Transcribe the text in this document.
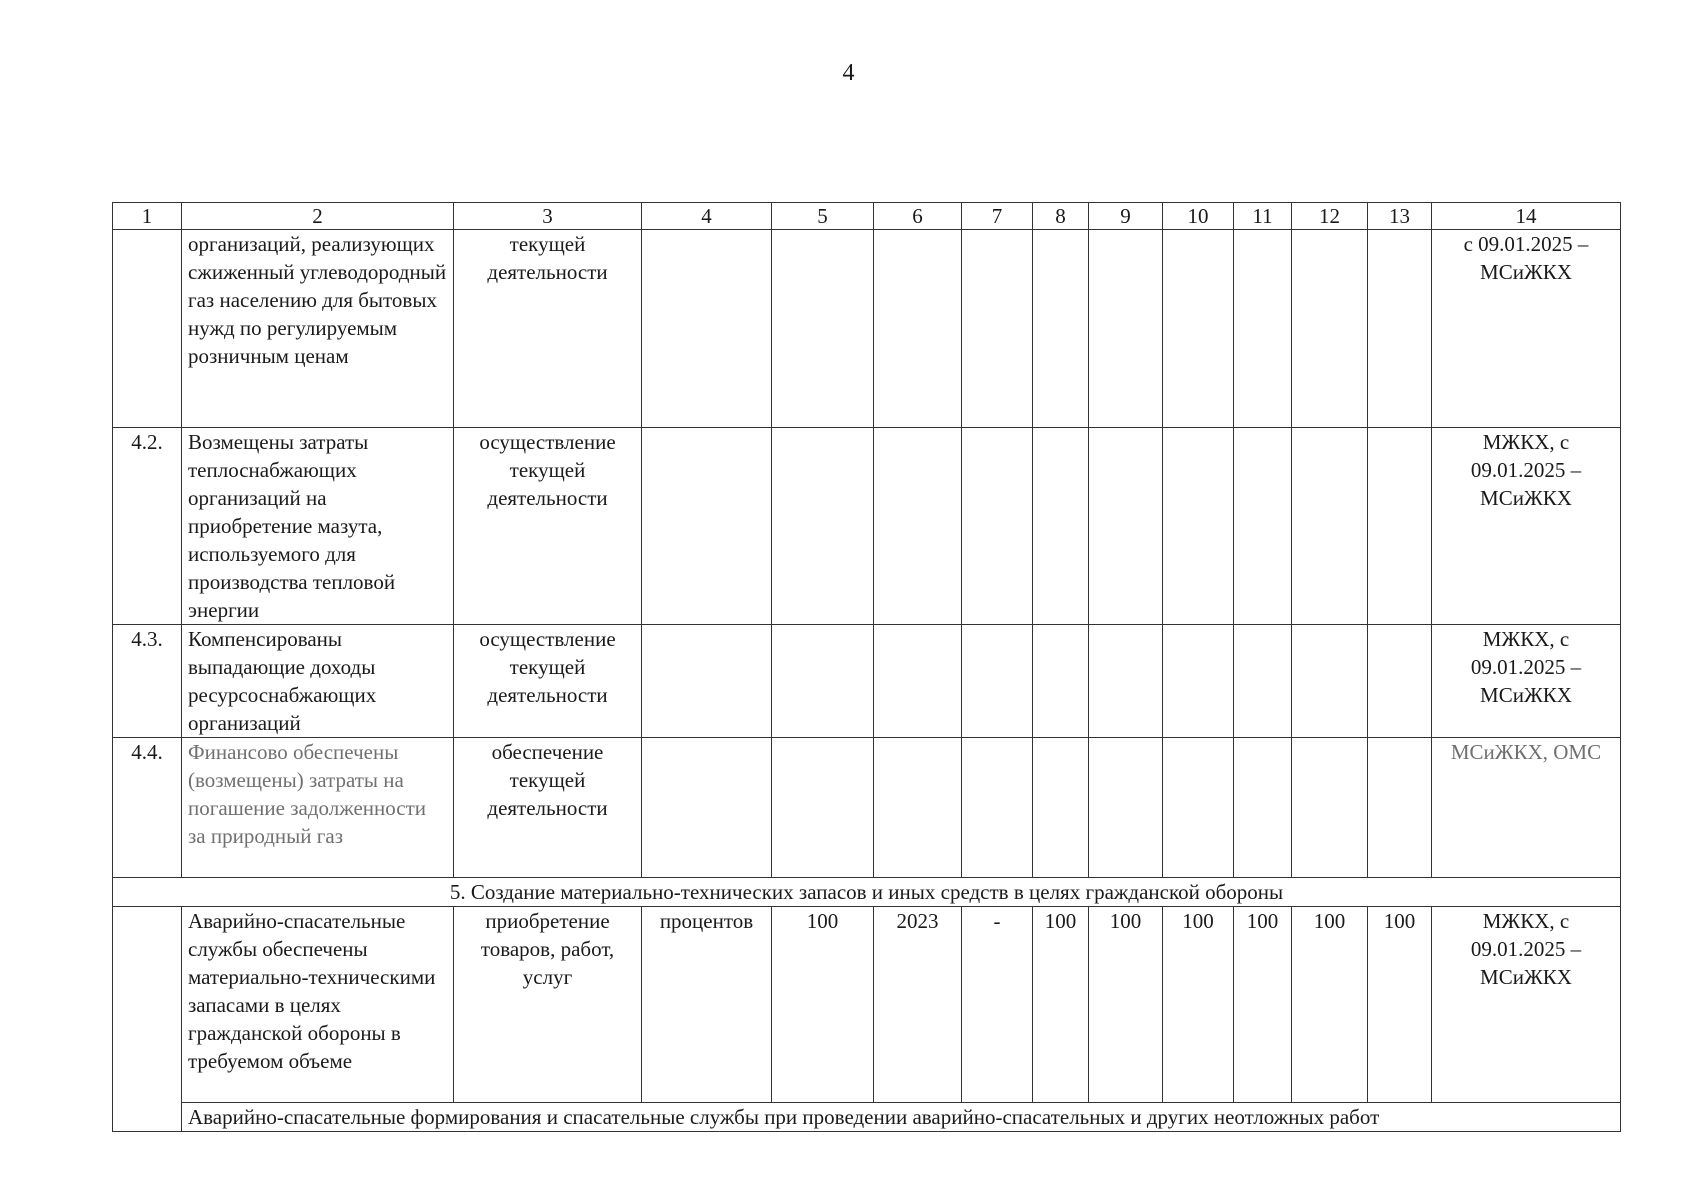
4
1	2	3	4	5	6	7	8	9	10	11	12	13	14
	организаций, реализующих сжиженный углеводородный газ населению для бытовых нужд по регулируемым розничным ценам	текущей деятельности											с 09.01.2025 – МСиЖКХ
4.2.	Возмещены затраты теплоснабжающих организаций на приобретение мазута, используемого для производства тепловой энергии	осуществление текущей деятельности											МЖКХ, с 09.01.2025 – МСиЖКХ
4.3.	Компенсированы выпадающие доходы ресурсоснабжающих организаций	осуществление текущей деятельности											МЖКХ, с 09.01.2025 – МСиЖКХ
4.4.	Финансово обеспечены (возмещены) затраты на погашение задолженности за природный газ	обеспечение текущей деятельности											МСиЖКХ, ОМС
5. Создание материально-технических запасов и иных средств в целях гражданской обороны													
	Аварийно-спасательные службы обеспечены материально-техническими запасами в целях гражданской обороны в требуемом объеме	приобретение товаров, работ, услуг	процентов	100	2023	-	100	100	100	100	100	100	МЖКХ, с 09.01.2025 – МСиЖКХ
	Аварийно-спасательные формирования и спасательные службы при проведении аварийно-спасательных и других неотложных работ												
